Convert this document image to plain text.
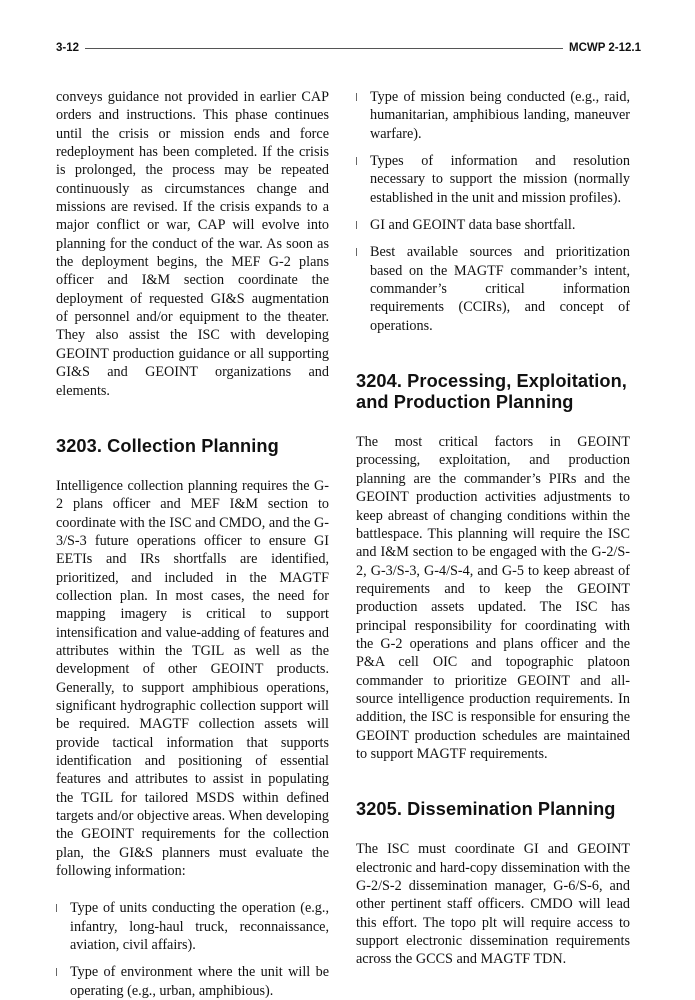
3-12	MCWP 2-12.1

conveys guidance not provided in earlier CAP orders and instructions. This phase continues until the crisis or mission ends and force redeployment has been completed. If the crisis is prolonged, the process may be repeated continuously as circumstances change and missions are revised. If the crisis expands to a major conflict or war, CAP will evolve into planning for the conduct of the war. As soon as the deployment begins, the MEF G-2 plans officer and I&M section coordinate the deployment of requested GI&S augmentation of personnel and/or equipment to the theater. They also assist the ISC with developing GEOINT production guidance or all supporting GI&S and GEOINT organizations and elements.

3203. Collection Planning

Intelligence collection planning requires the G-2 plans officer and MEF I&M section to coordinate with the ISC and CMDO, and the G-3/S-3 future operations officer to ensure GI EETIs and IRs shortfalls are identified, prioritized, and included in the MAGTF collection plan. In most cases, the need for mapping imagery is critical to support intensification and value-adding of features and attributes within the TGIL as well as the development of other GEOINT products. Generally, to support amphibious operations, significant hydrographic collection support will be required. MAGTF collection assets will provide tactical information that supports identification and positioning of essential features and attributes to assist in populating the TGIL for tailored MSDS within defined targets and/or objective areas. When developing the GEOINT requirements for the collection plan, the GI&S planners must evaluate the following information:

Type of units conducting the operation (e.g., infantry, long-haul truck, reconnaissance, aviation, civil affairs).
Type of environment where the unit will be operating (e.g., urban, amphibious).
Type of mission being conducted (e.g., raid, humanitarian, amphibious landing, maneuver warfare).
Types of information and resolution necessary to support the mission (normally established in the unit and mission profiles).
GI and GEOINT data base shortfall.
Best available sources and prioritization based on the MAGTF commander’s intent, commander’s critical information requirements (CCIRs), and concept of operations.
3204. Processing, Exploitation, and Production Planning

The most critical factors in GEOINT processing, exploitation, and production planning are the commander’s PIRs and the GEOINT production activities adjustments to keep abreast of changing conditions within the battlespace. This planning will require the ISC and I&M section to be engaged with the G-2/S-2, G-3/S-3, G-4/S-4, and G-5 to keep abreast of requirements and to keep the GEOINT production assets updated. The ISC has principal responsibility for coordinating with the G-2 operations and plans officer and the P&A cell OIC and topographic platoon commander to prioritize GEOINT and all-source intelligence production requirements. In addition, the ISC is responsible for ensuring the GEOINT production schedules are maintained to support MAGTF requirements.

3205. Dissemination Planning

The ISC must coordinate GI and GEOINT electronic and hard-copy dissemination with the G-2/S-2 dissemination manager, G-6/S-6, and other pertinent staff officers. CMDO will lead this effort. The topo plt will require access to support electronic dissemination requirements across the GCCS and MAGTF TDN.
